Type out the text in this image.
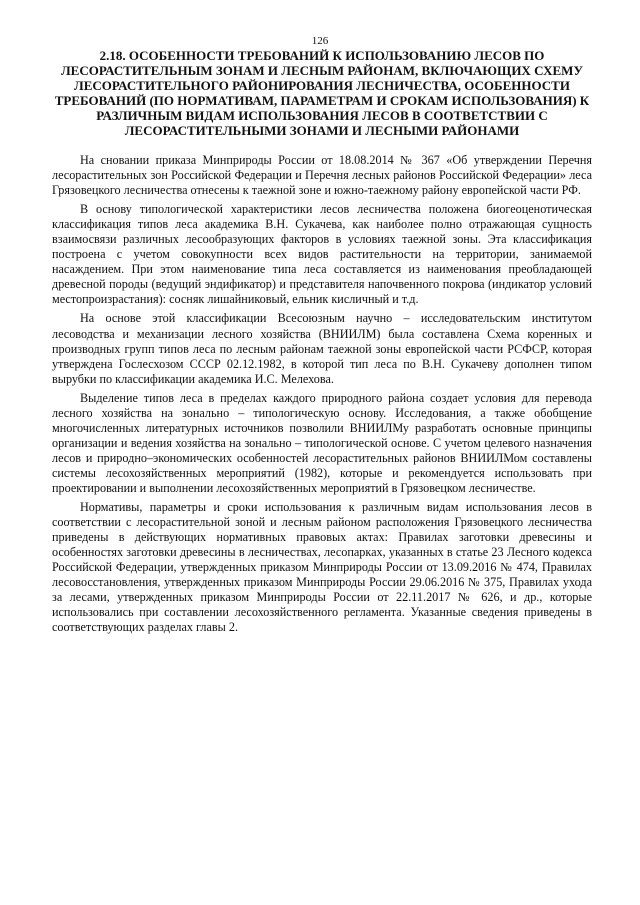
126
2.18. ОСОБЕННОСТИ ТРЕБОВАНИЙ К ИСПОЛЬЗОВАНИЮ ЛЕСОВ ПО ЛЕСОРАСТИТЕЛЬНЫМ ЗОНАМ И ЛЕСНЫМ РАЙОНАМ, ВКЛЮЧАЮЩИХ СХЕМУ ЛЕСОРАСТИТЕЛЬНОГО РАЙОНИРОВАНИЯ ЛЕСНИЧЕСТВА, ОСОБЕННОСТИ ТРЕБОВАНИЙ (ПО НОРМАТИВАМ, ПАРАМЕТРАМ И СРОКАМ ИСПОЛЬЗОВАНИЯ) К РАЗЛИЧНЫМ ВИДАМ ИСПОЛЬЗОВАНИЯ ЛЕСОВ В СООТВЕТСТВИИ С ЛЕСОРАСТИТЕЛЬНЫМИ ЗОНАМИ И ЛЕСНЫМИ РАЙОНАМИ

На сновании приказа Минприроды России от 18.08.2014 № 367 «Об утверждении Перечня лесорастительных зон Российской Федерации и Перечня лесных районов Российской Федерации» леса Грязовецкого лесничества отнесены к таежной зоне и южно-таежному району европейской части РФ.

В основу типологической характеристики лесов лесничества положена биогеоценотическая классификация типов леса академика В.Н. Сукачева, как наиболее полно отражающая сущность взаимосвязи различных лесообразующих факторов в условиях таежной зоны. Эта классификация построена с учетом совокупности всех видов растительности на территории, занимаемой насаждением. При этом наименование типа леса составляется из наименования преобладающей древесной породы (ведущий эндификатор) и представителя напочвенного покрова (индикатор условий местопроизрастания): сосняк лишайниковый, ельник кисличный и т.д.

На основе этой классификации Всесоюзным научно – исследовательским институтом лесоводства и механизации лесного хозяйства (ВНИИЛМ) была составлена Схема коренных и производных групп типов леса по лесным районам таежной зоны европейской части РСФСР, которая утверждена Гослесхозом СССР 02.12.1982, в которой тип леса по В.Н. Сукачеву дополнен типом вырубки по классификации академика И.С. Мелехова.

Выделение типов леса в пределах каждого природного района создает условия для перевода лесного хозяйства на зонально – типологическую основу. Исследования, а также обобщение многочисленных литературных источников позволили ВНИИЛМу разработать основные принципы организации и ведения хозяйства на зонально – типологической основе. С учетом целевого назначения лесов и природно–экономических особенностей лесорастительных районов ВНИИЛМом составлены системы лесохозяйственных мероприятий (1982), которые и рекомендуется использовать при проектировании и выполнении лесохозяйственных мероприятий в Грязовецком лесничестве.

Нормативы, параметры и сроки использования к различным видам использования лесов в соответствии с лесорастительной зоной и лесным районом расположения Грязовецкого лесничества приведены в действующих нормативных правовых актах: Правилах заготовки древесины и особенностях заготовки древесины в лесничествах, лесопарках, указанных в статье 23 Лесного кодекса Российской Федерации, утвержденных приказом Минприроды России от 13.09.2016 № 474, Правилах лесовосстановления, утвержденных приказом Минприроды России 29.06.2016 № 375, Правилах ухода за лесами, утвержденных приказом Минприроды России от 22.11.2017 № 626, и др., которые использовались при составлении лесохозяйственного регламента. Указанные сведения приведены в соответствующих разделах главы 2.
